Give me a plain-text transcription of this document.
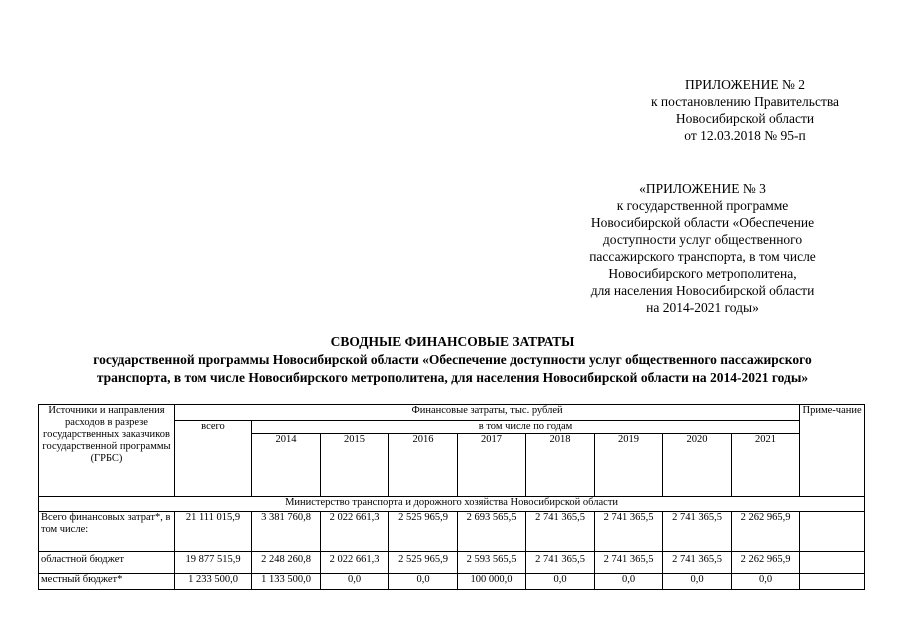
ПРИЛОЖЕНИЕ № 2
к постановлению Правительства
Новосибирской области
от 12.03.2018 № 95-п
«ПРИЛОЖЕНИЕ № 3
к государственной программе
Новосибирской области «Обеспечение
доступности услуг общественного
пассажирского транспорта, в том числе
Новосибирского метрополитена,
для населения Новосибирской области
на 2014-2021 годы»
СВОДНЫЕ ФИНАНСОВЫЕ ЗАТРАТЫ
государственной программы Новосибирской области «Обеспечение доступности услуг общественного пассажирского
транспорта, в том числе Новосибирского метрополитена, для населения Новосибирской области на 2014-2021 годы»
Источники и направления расходов в разрезе государственных заказчиков государственной программы (ГРБС)	Финансовые затраты, тыс. рублей									Приме-чание
	всего	в том числе по годам								
		2014	2015	2016	2017	2018	2019	2020	2021	
Министерство транспорта и дорожного хозяйства Новосибирской области										
Всего финансовых затрат*, в том числе:	21 111 015,9	3 381 760,8	2 022 661,3	2 525 965,9	2 693 565,5	2 741 365,5	2 741 365,5	2 741 365,5	2 262 965,9	
областной бюджет	19 877 515,9	2 248 260,8	2 022 661,3	2 525 965,9	2 593 565,5	2 741 365,5	2 741 365,5	2 741 365,5	2 262 965,9	
местный бюджет*	1 233 500,0	1 133 500,0	0,0	0,0	100 000,0	0,0	0,0	0,0	0,0	
